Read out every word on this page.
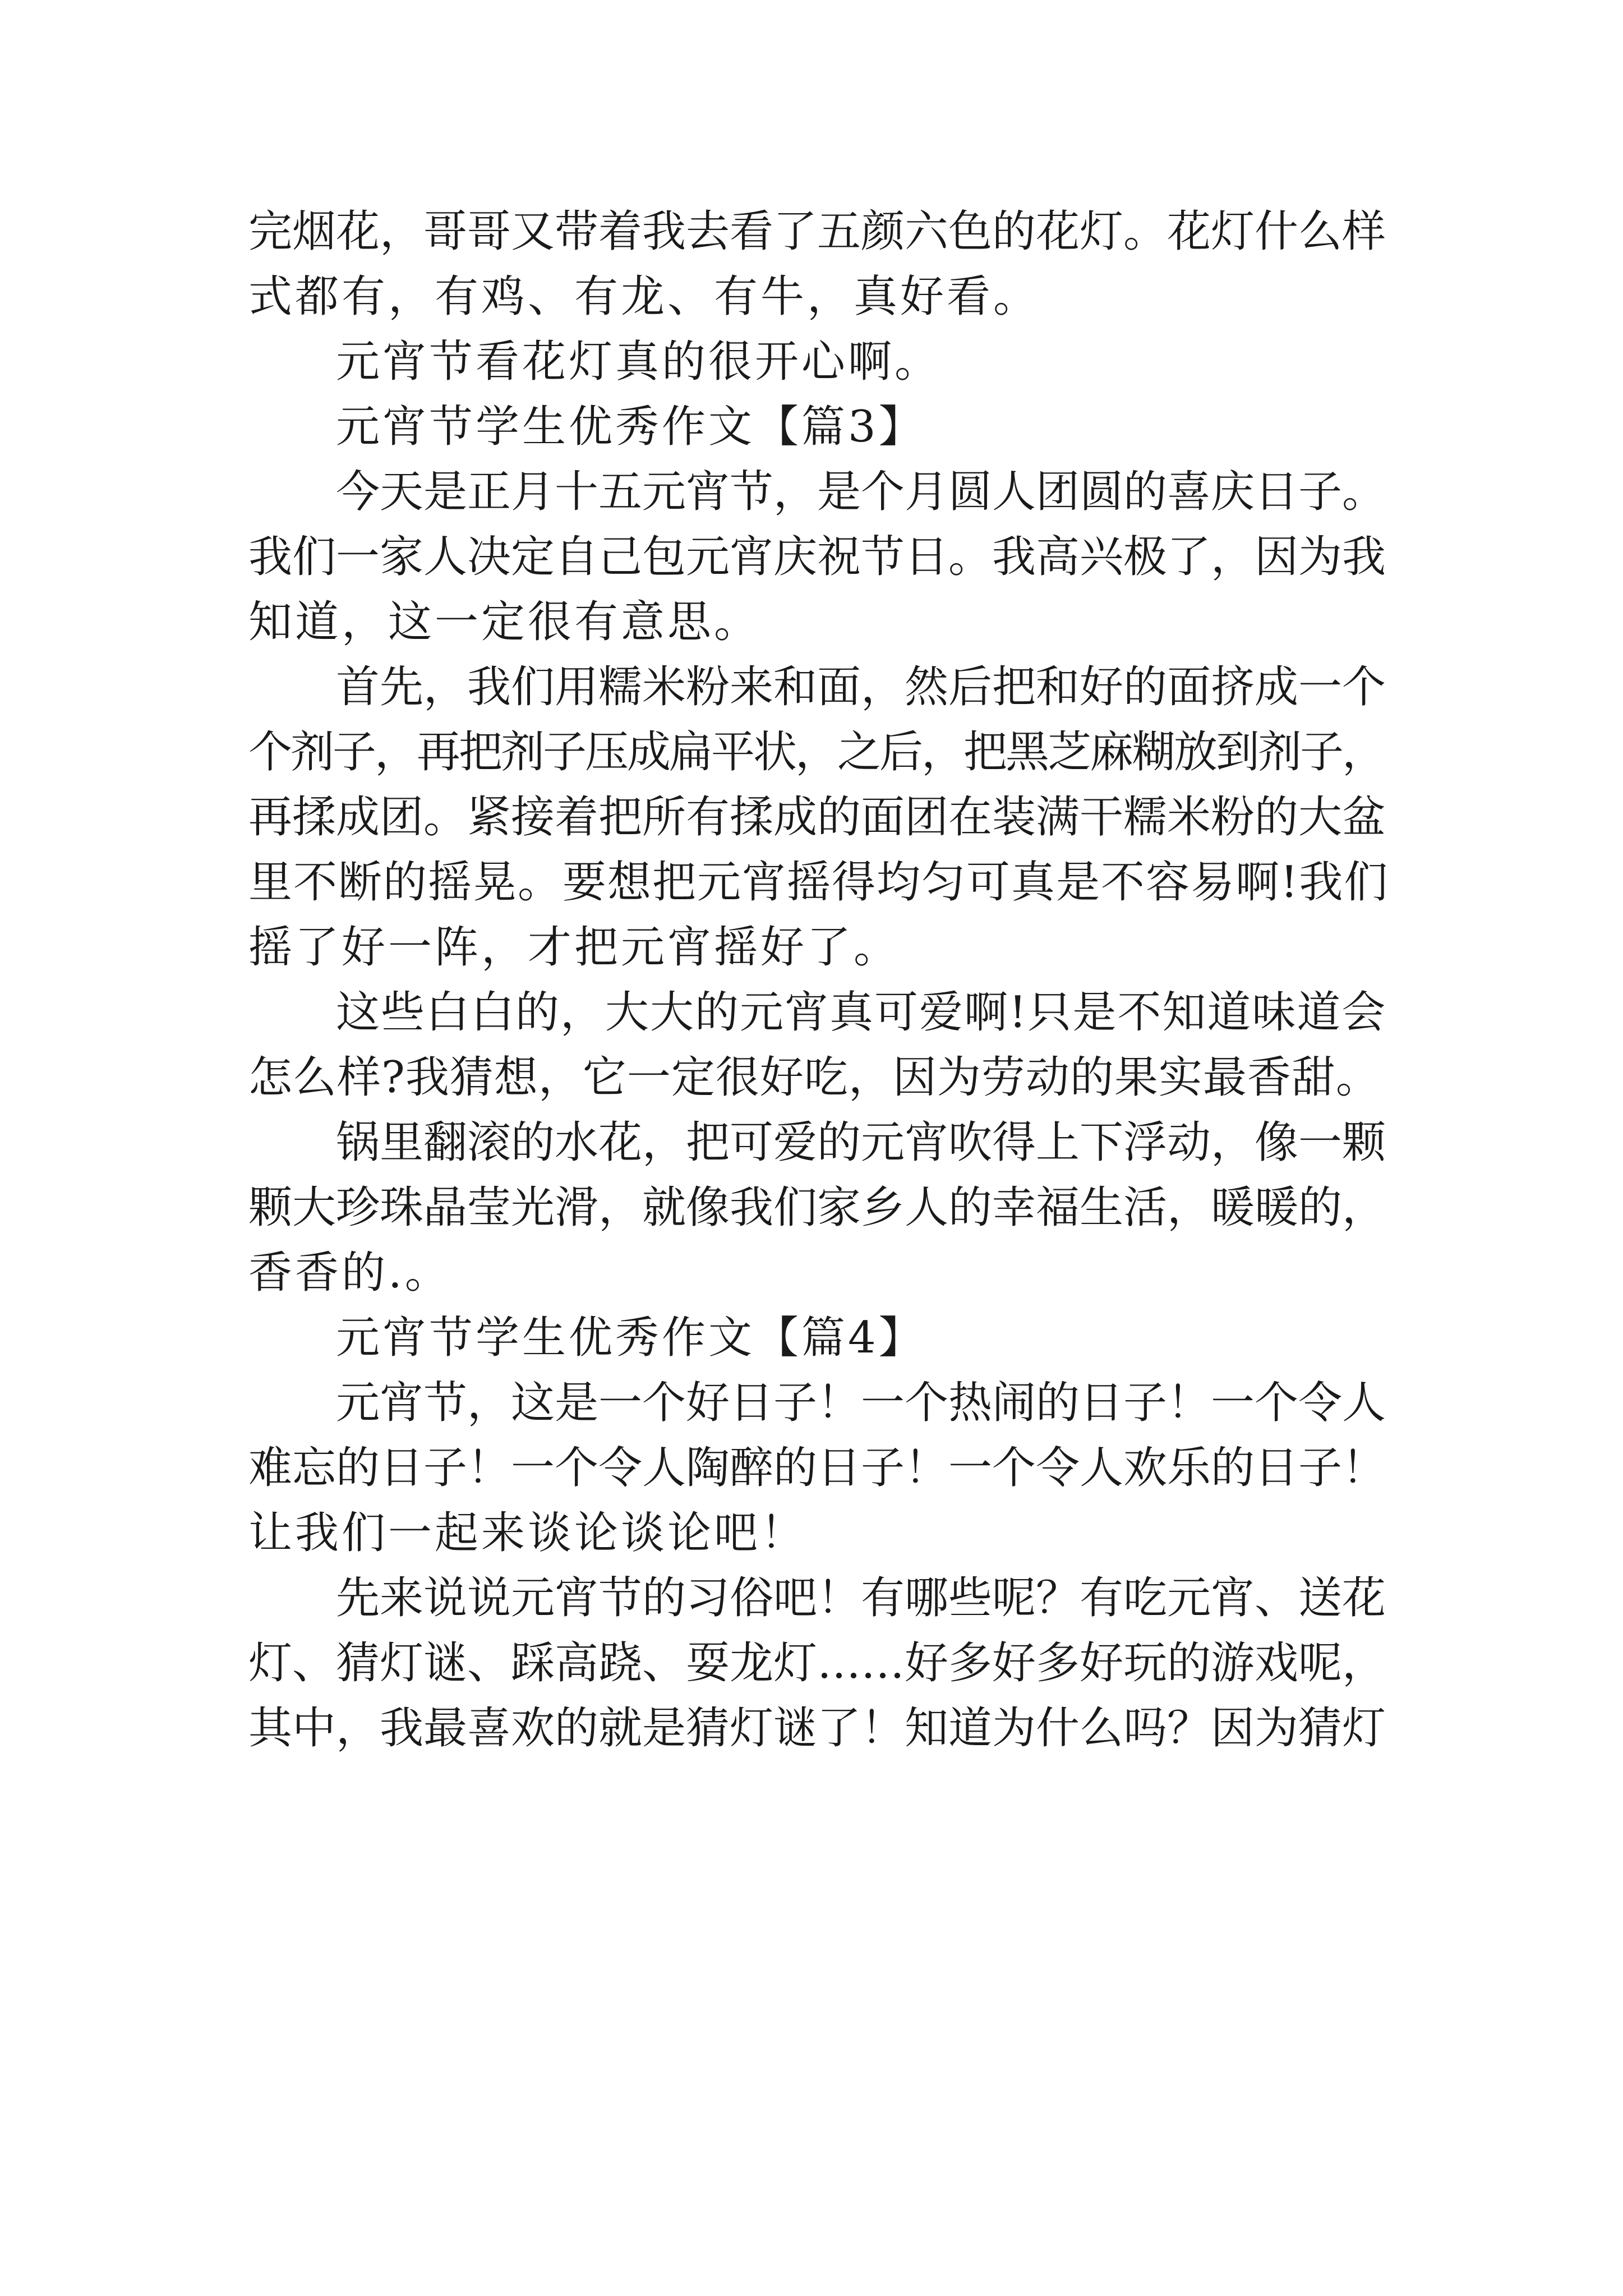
完烟花，哥哥又带着我去看了五颜六色的花灯。花灯什么样
式都有，有鸡、有龙、有牛，真好看。
元宵节看花灯真的很开心啊。
元宵节学生优秀作文【篇3】
今天是正月十五元宵节，是个月圆人团圆的喜庆日子。
我们一家人决定自己包元宵庆祝节日。我高兴极了，因为我
知道，这一定很有意思。
首先，我们用糯米粉来和面，然后把和好的面挤成一个
个剂子，再把剂子压成扁平状，之后，把黑芝麻糊放到剂子，
再揉成团。紧接着把所有揉成的面团在装满干糯米粉的大盆
里不断的摇晃。要想把元宵摇得均匀可真是不容易啊!我们
摇了好一阵，才把元宵摇好了。
这些白白的，大大的元宵真可爱啊!只是不知道味道会
怎么样?我猜想，它一定很好吃，因为劳动的果实最香甜。
锅里翻滚的水花，把可爱的元宵吹得上下浮动，像一颗
颗大珍珠晶莹光滑，就像我们家乡人的幸福生活，暖暖的，
香香的.。
元宵节学生优秀作文【篇4】
元宵节，这是一个好日子！一个热闹的日子！一个令人
难忘的日子！一个令人陶醉的日子！一个令人欢乐的日子！
让我们一起来谈论谈论吧！
先来说说元宵节的习俗吧！有哪些呢？有吃元宵、送花
灯、猜灯谜、踩高跷、耍龙灯……好多好多好玩的游戏呢，
其中，我最喜欢的就是猜灯谜了！知道为什么吗？因为猜灯
